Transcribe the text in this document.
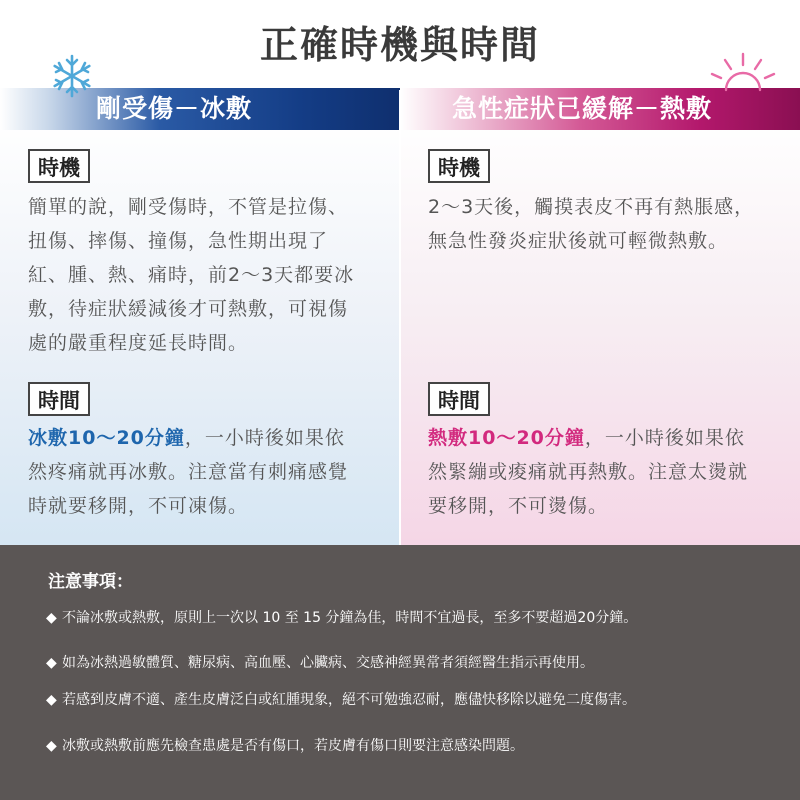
正確時機與時間
剛受傷－冰敷	急性症狀已緩解－熱敷
時機
簡單的說，剛受傷時，不管是拉傷、
扭傷、摔傷、撞傷，急性期出現了
紅、腫、熱、痛時，前2～3天都要冰
敷，待症狀緩減後才可熱敷，可視傷
處的嚴重程度延長時間。
時間
冰敷10～20分鐘，一小時後如果依
然疼痛就再冰敷。注意當有刺痛感覺
時就要移開，不可凍傷。
時機
2～3天後，觸摸表皮不再有熱脹感，
無急性發炎症狀後就可輕微熱敷。
時間
熱敷10～20分鐘，一小時後如果依
然緊繃或痠痛就再熱敷。注意太燙就
要移開，不可燙傷。
注意事項：
◆ 不論冰敷或熱敷，原則上一次以 10 至 15 分鐘為佳，時間不宜過長，至多不要超過20分鐘。
◆ 如為冰熱過敏體質、糖尿病、高血壓、心臟病、交感神經異常者須經醫生指示再使用。
◆ 若感到皮膚不適、產生皮膚泛白或紅腫現象，絕不可勉強忍耐，應儘快移除以避免二度傷害。
◆ 冰敷或熱敷前應先檢查患處是否有傷口，若皮膚有傷口則要注意感染問題。
